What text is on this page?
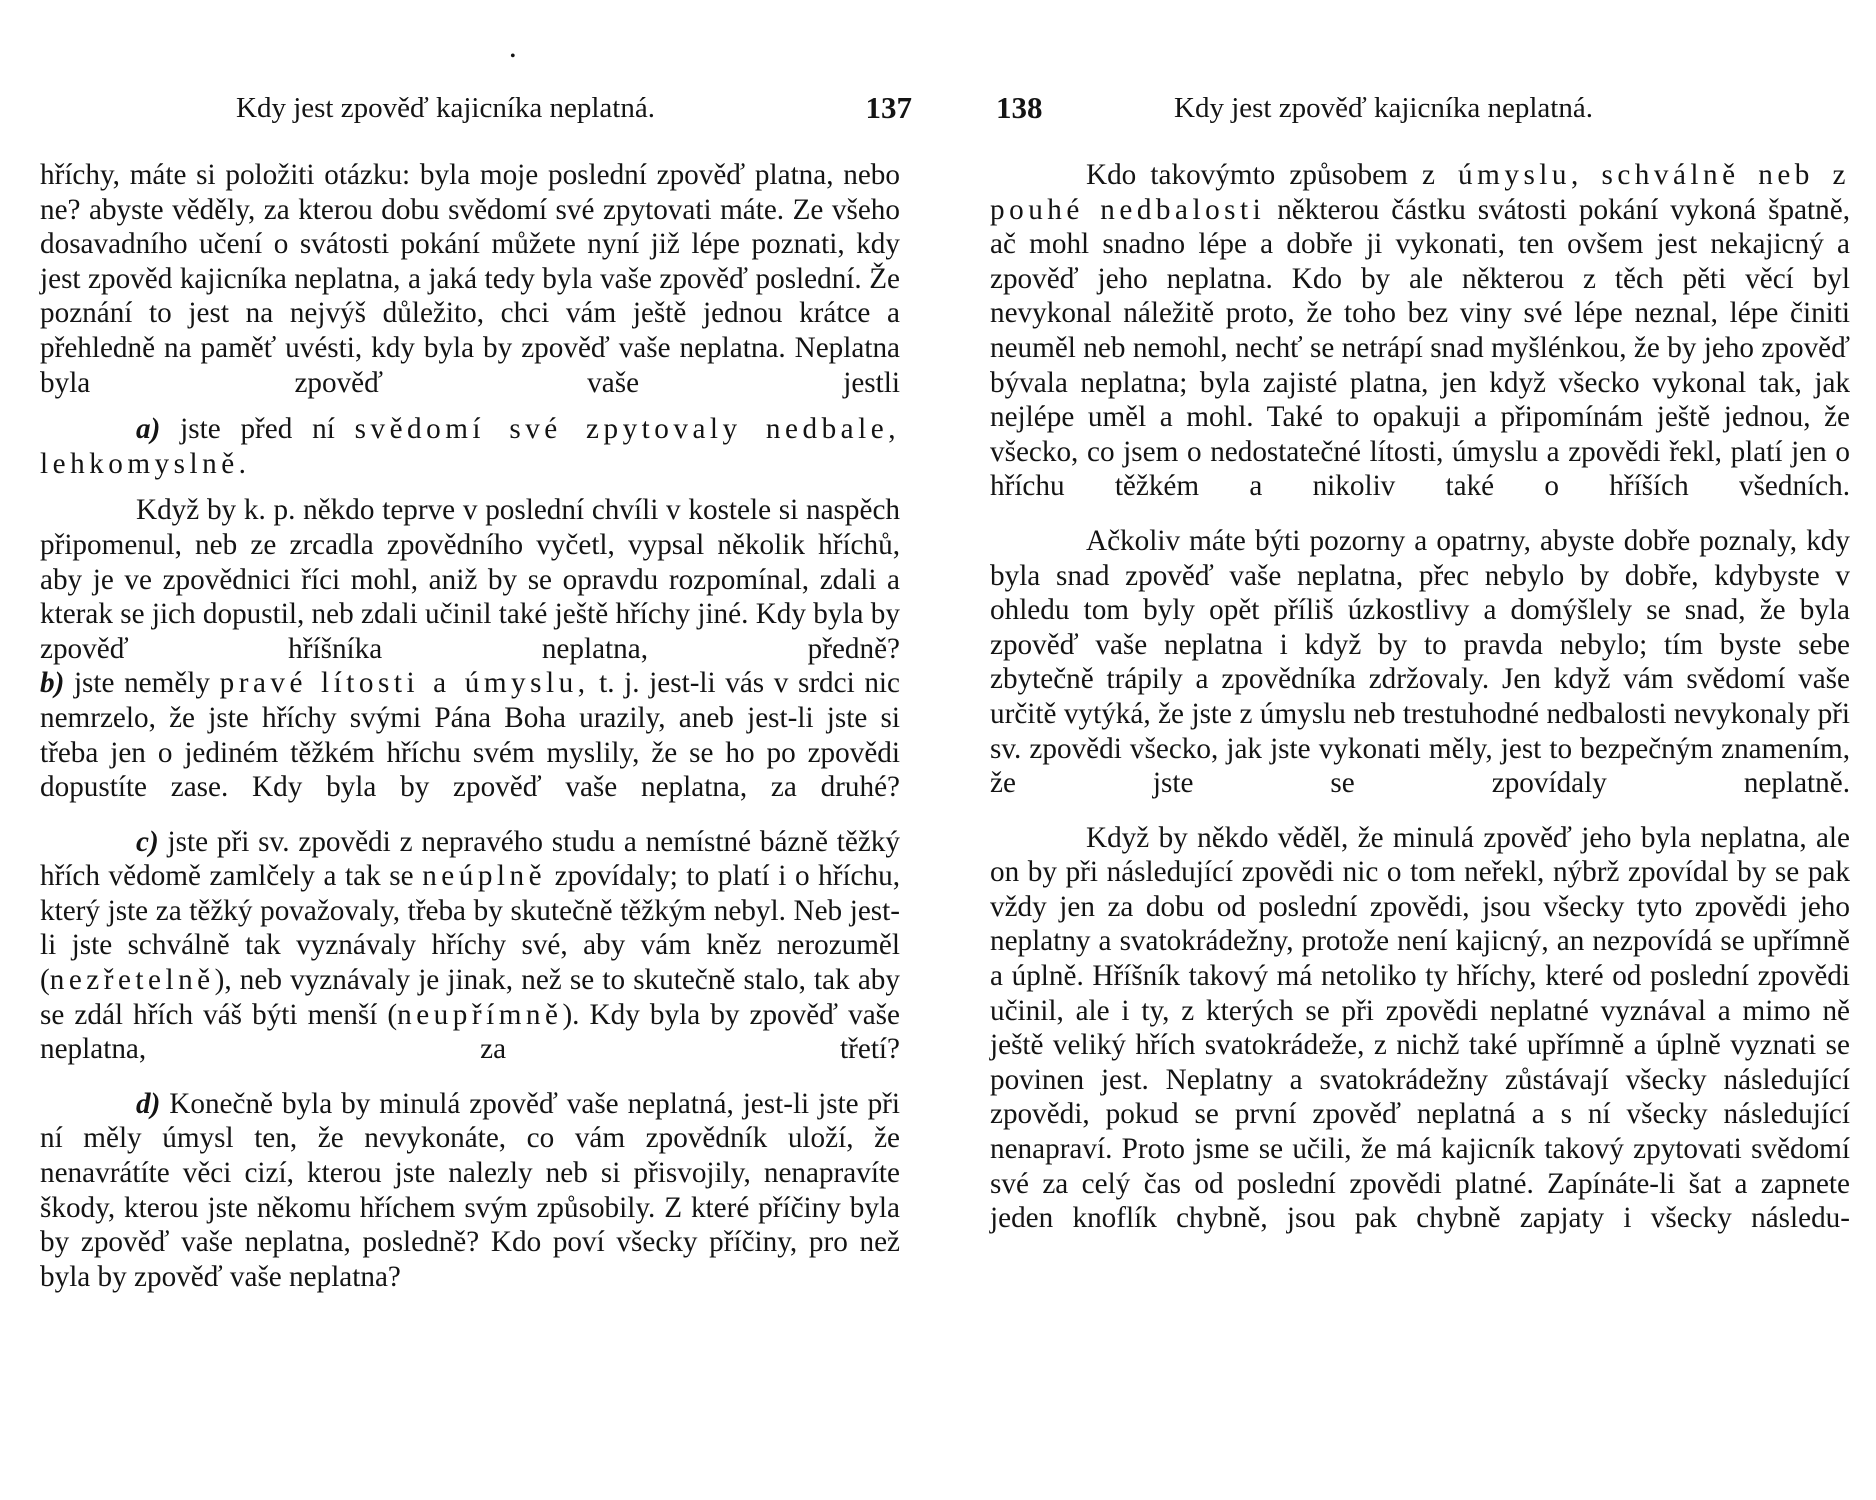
•
Kdy jest zpověď kajicníka neplatná.	137

hříchy, máte si položiti otázku: byla moje poslední zpověď platna, nebo ne? abyste věděly, za kterou dobu svědomí své zpytovati máte. Ze všeho dosavadního učení o svátosti pokání můžete nyní již lépe poznati, kdy jest zpověd kajicníka neplatna, a jaká tedy byla vaše zpověď poslední. Že poznání to jest na nejvýš důležito, chci vám ještě jednou krátce a přehledně na paměť uvésti, kdy byla by zpověď vaše neplatna. Neplatna byla zpověď vaše jestli

a) jste před ní svědomí své zpytovaly nedbale, lehkomyslně.

Když by k. p. někdo teprve v poslední chvíli v kostele si naspěch připomenul, neb ze zrcadla zpovědního vyčetl, vypsal několik hříchů, aby je ve zpovědnici říci mohl, aniž by se opravdu rozpomínal, zdali a kterak se jich dopustil, neb zdali učinil také ještě hříchy jiné. Kdy byla by zpověď hříšníka neplatna, předně?

b) jste neměly pravé lítosti a úmyslu, t. j. jest-li vás v srdci nic nemrzelo, že jste hříchy svými Pána Boha urazily, aneb jest-li jste si třeba jen o jediném těžkém hříchu svém myslily, že se ho po zpovědi dopustíte zase. Kdy byla by zpověď vaše neplatna, za druhé?

c) jste při sv. zpovědi z nepravého studu a nemístné bázně těžký hřích vědomě zamlčely a tak se neúplně zpovídaly; to platí i o hříchu, který jste za těžký považovaly, třeba by skutečně těžkým nebyl. Neb jest-li jste schválně tak vyznávaly hříchy své, aby vám kněz nerozuměl (nezřetelně), neb vyznávaly je jinak, než se to skutečně stalo, tak aby se zdál hřích váš býti menší (neupřímně). Kdy byla by zpověď vaše neplatna, za třetí?

d) Konečně byla by minulá zpověď vaše neplatná, jest-li jste při ní měly úmysl ten, že nevykonáte, co vám zpovědník uloží, že nenavrátíte věci cizí, kterou jste nalezly neb si přisvojily, nenapravíte škody, kterou jste někomu hříchem svým způsobily. Z které příčiny byla by zpověď vaše neplatna, posledně? Kdo poví všecky příčiny, pro než byla by zpověď vaše neplatna?

138	Kdy jest zpověď kajicníka neplatná.

Kdo takovýmto způsobem z úmyslu, schválně neb z pouhé nedbalosti některou částku svátosti pokání vykoná špatně, ač mohl snadno lépe a dobře ji vykonati, ten ovšem jest nekajicný a zpověď jeho neplatna. Kdo by ale některou z těch pěti věcí byl nevykonal náležitě proto, že toho bez viny své lépe neznal, lépe činiti neuměl neb nemohl, nechť se netrápí snad myšlénkou, že by jeho zpověď bývala neplatna; byla zajisté platna, jen když všecko vykonal tak, jak nejlépe uměl a mohl. Také to opakuji a připomínám ještě jednou, že všecko, co jsem o nedostatečné lítosti, úmyslu a zpovědi řekl, platí jen o hříchu těžkém a nikoliv také o hříších všedních.

Ačkoliv máte býti pozorny a opatrny, abyste dobře poznaly, kdy byla snad zpověď vaše neplatna, přec nebylo by dobře, kdybyste v ohledu tom byly opět příliš úzkostlivy a domýšlely se snad, že byla zpověď vaše neplatna i když by to pravda nebylo; tím byste sebe zbytečně trápily a zpovědníka zdržovaly. Jen když vám svědomí vaše určitě vytýká, že jste z úmyslu neb trestuhodné nedbalosti nevykonaly při sv. zpovědi všecko, jak jste vykonati měly, jest to bezpečným znamením, že jste se zpovídaly neplatně.

Když by někdo věděl, že minulá zpověď jeho byla neplatna, ale on by při následující zpovědi nic o tom neřekl, nýbrž zpovídal by se pak vždy jen za dobu od poslední zpovědi, jsou všecky tyto zpovědi jeho neplatny a svatokrádežny, protože není kajicný, an nezpovídá se upřímně a úplně. Hříšník takový má netoliko ty hříchy, které od poslední zpovědi učinil, ale i ty, z kterých se při zpovědi neplatné vyznával a mimo ně ještě veliký hřích svatokrádeže, z nichž také upřímně a úplně vyznati se povinen jest. Neplatny a svatokrádežny zůstávají všecky následující zpovědi, pokud se první zpověď neplatná a s ní všecky následující nenapraví. Proto jsme se učili, že má kajicník takový zpytovati svědomí své za celý čas od poslední zpovědi platné. Zapínáte-li šat a zapnete jeden knoflík chybně, jsou pak chybně zapjaty i všecky následu-
